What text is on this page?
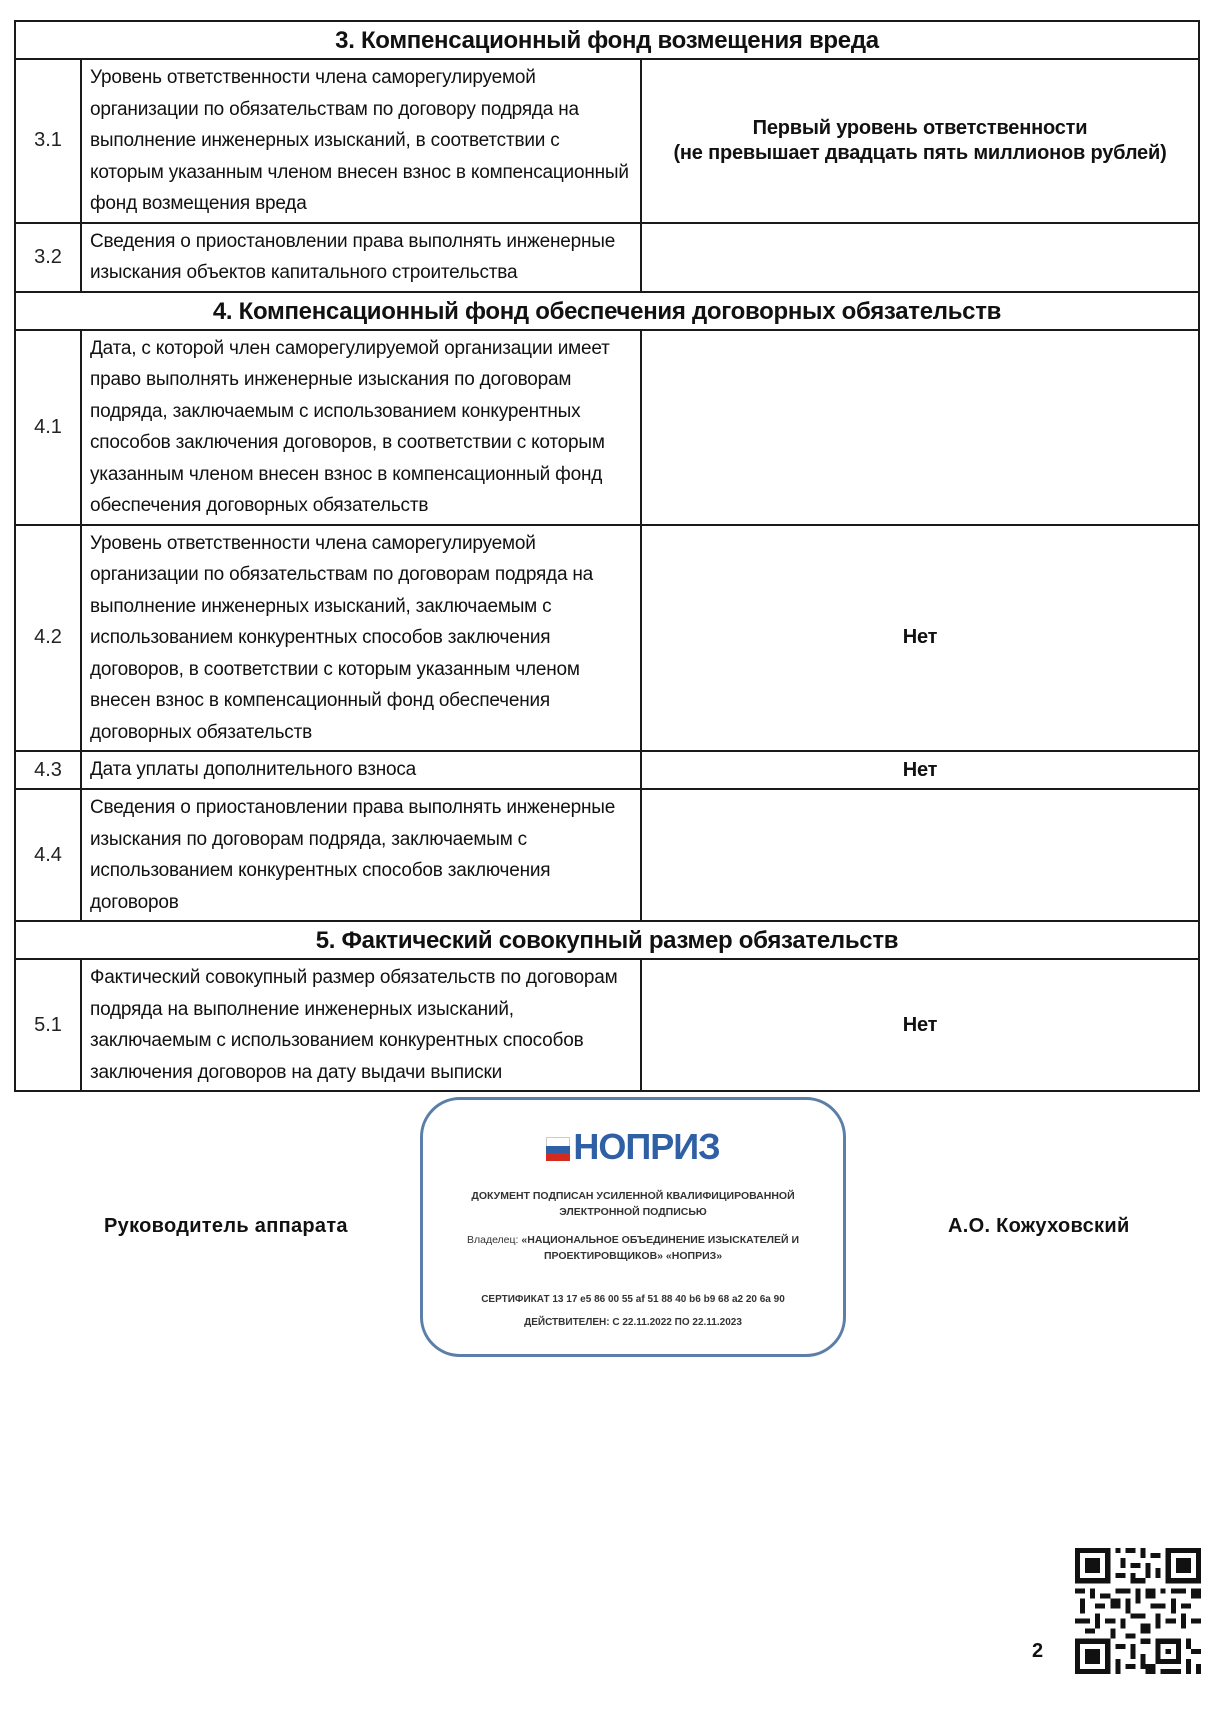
3. Компенсационный фонд возмещения вреда		
3.1	Уровень ответственности члена саморегулируемой организации по обязательствам по договору подряда на выполнение инженерных изысканий, в соответствии с которым указанным членом внесен взнос в компенсационный фонд возмещения вреда	Первый уровень ответственности
(не превышает двадцать пять миллионов рублей)

3.2	Сведения о приостановлении права выполнять инженерные изыскания объектов капитального строительства	
4. Компенсационный фонд обеспечения договорных обязательств		
4.1	Дата, с которой член саморегулируемой организации имеет право выполнять инженерные изыскания по договорам подряда, заключаемым с использованием конкурентных способов заключения договоров, в соответствии с которым указанным членом внесен взнос в компенсационный фонд обеспечения договорных обязательств	
4.2	Уровень ответственности члена саморегулируемой организации по обязательствам по договорам подряда на выполнение инженерных изысканий, заключаемым с использованием конкурентных способов заключения договоров, в соответствии с которым указанным членом внесен взнос в компенсационный фонд обеспечения договорных обязательств	Нет
4.3	Дата уплаты дополнительного взноса	Нет
4.4	Сведения о приостановлении права выполнять инженерные изыскания по договорам подряда, заключаемым с использованием конкурентных способов заключения договоров	
5. Фактический совокупный размер обязательств		
5.1	Фактический совокупный размер обязательств по договорам подряда на выполнение инженерных изысканий, заключаемым с использованием конкурентных способов заключения договоров на дату выдачи выписки	Нет
Руководитель аппарата
НОПРИЗ
ДОКУМЕНТ ПОДПИСАН УСИЛЕННОЙ КВАЛИФИЦИРОВАННОЙ ЭЛЕКТРОННОЙ ПОДПИСЬЮ
Владелец: «НАЦИОНАЛЬНОЕ ОБЪЕДИНЕНИЕ ИЗЫСКАТЕЛЕЙ И ПРОЕКТИРОВЩИКОВ» «НОПРИЗ»
СЕРТИФИКАТ 13 17 e5 86 00 55 af 51 88 40 b6 b9 68 a2 20 6a 90
ДЕЙСТВИТЕЛЕН: С 22.11.2022 ПО 22.11.2023
А.О. Кожуховский
2
